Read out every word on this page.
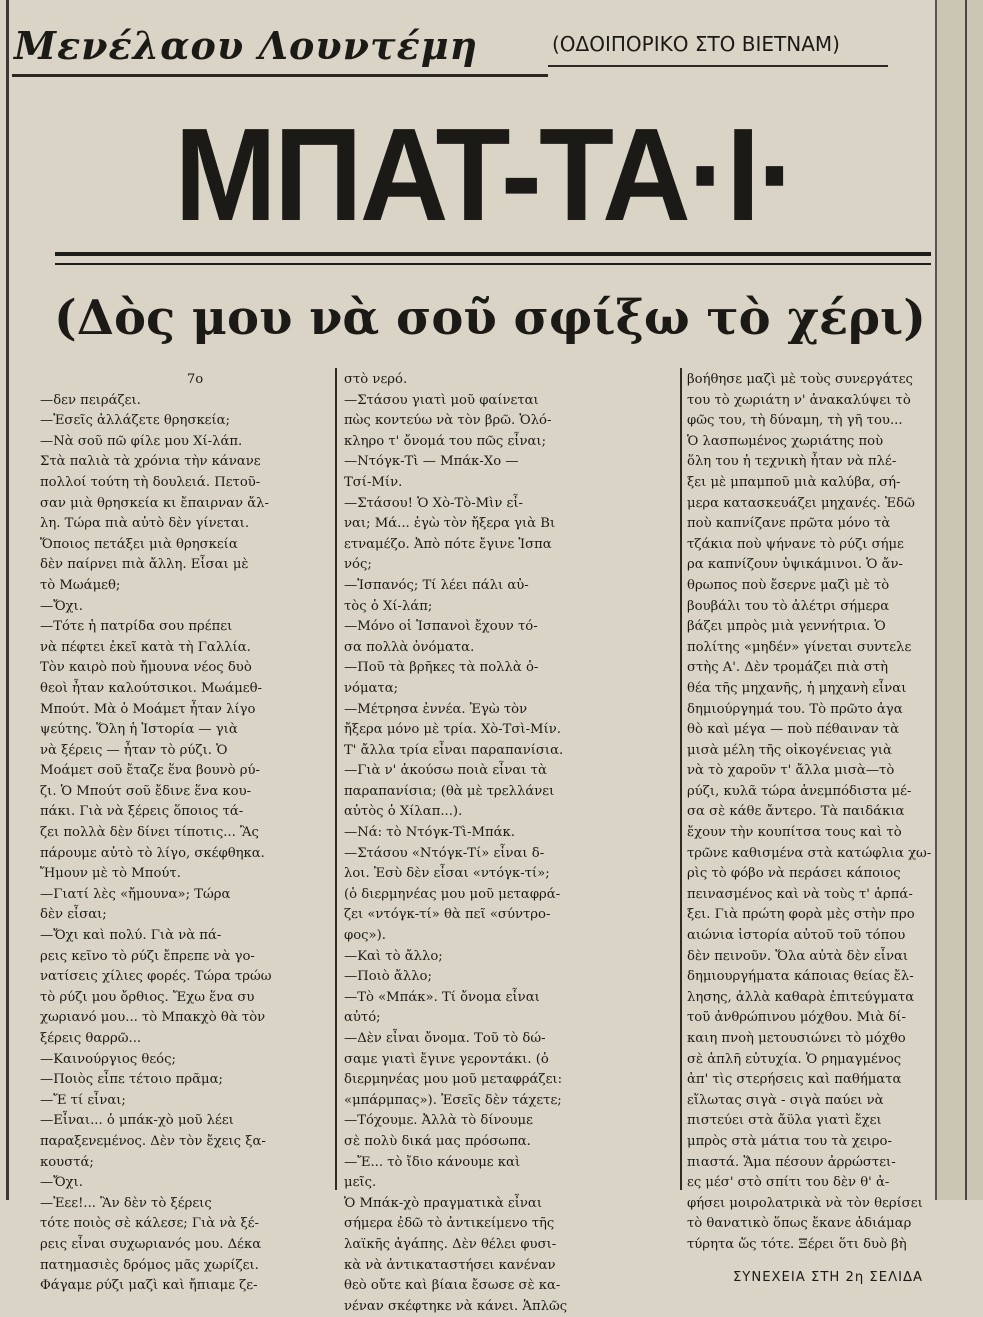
Μενέλαου Λουντέμη	(ΟΔΟΙΠΟΡΙΚΟ ΣΤΟ ΒΙΕΤΝΑΜ)
ΜΠΑΤ-ΤΑ·Ι·
(Δὸς μου νὰ σοῦ σφίξω τὸ χέρι)

7ο

—δεν πειράζει.

—Ἐσεῖς ἀλλάζετε θρησκεία;

—Νὰ σοῦ πῶ φίλε μου Χί-λάπ.

Στὰ παλιὰ τὰ χρόνια τὴν κάνανε

πολλοί τούτη τὴ δουλειά. Πετοῦ-

σαν μιὰ θρησκεία κι ἔπαιρναν ἄλ-

λη. Τώρα πιὰ αὐτὸ δὲν γίνεται.

Ὅποιος πετάξει μιὰ θρησκεία

δὲν παίρνει πιὰ ἄλλη. Εἶσαι μὲ

τὸ Μωάμεθ;

—Ὄχι.

—Τότε ἡ πατρίδα σου πρέπει

νὰ πέφτει ἐκεῖ κατὰ τὴ Γαλλία.

Τὸν καιρὸ ποὺ ἤμουνα νέος δυὸ

θεοὶ ἦταν καλούτσικοι. Μωάμεθ-

Μπούτ. Μὰ ὁ Μοάμετ ἦταν λίγο

ψεύτης. Ὅλη ἡ Ἱστορία — γιὰ

νὰ ξέρεις — ἦταν τὸ ρύζι. Ὁ

Μοάμετ σοῦ ἔταζε ἕνα βουνὸ ρύ-

ζι. Ὁ Μπούτ σοῦ ἔδινε ἕνα κου-

πάκι. Γιὰ νὰ ξέρεις ὅποιος τά-

ζει πολλὰ δὲν δίνει τίποτις... Ἂς

πάρουμε αὐτὸ τὸ λίγο, σκέφθηκα.

Ἤμουν μὲ τὸ Μπούτ.

—Γιατί λὲς «ἤμουνα»; Τώρα

δὲν εἶσαι;

—Ὄχι καὶ πολύ. Γιὰ νὰ πά-

ρεις κεῖνο τὸ ρύζι ἔπρεπε νὰ γο-

νατίσεις χίλιες φορές. Τώρα τρώω

τὸ ρύζι μου ὄρθιος. Ἔχω ἕνα συ

χωριανό μου... τὸ Μπακχὸ θὰ τὸν

ξέρεις θαρρῶ...

—Καινούργιος θεός;

—Ποιὸς εἶπε τέτοιο πρᾶμα;

—Ἔ τί εἶναι;

—Εἶναι... ὁ μπάκ-χὸ μοῦ λέει

παραξενεμένος. Δὲν τὸν ἔχεις ξα-

κουστά;

—Ὄχι.

—Ἐεε!... Ἂν δὲν τὸ ξέρεις

τότε ποιὸς σὲ κάλεσε; Γιὰ νὰ ξέ-

ρεις εἶναι συχωριανός μου. Δέκα

πατημασιὲς δρόμος μᾶς χωρίζει.

Φάγαμε ρύζι μαζὶ καὶ ἤπιαμε ζε-

στὸ νερό.

—Στάσου γιατὶ μοῦ φαίνεται

πὼς κοντεύω νὰ τὸν βρῶ. Ὁλό-

κληρο τ' ὄνομά του πῶς εἶναι;

—Ντόγκ-Τὶ — Μπάκ-Χο —

Τσί-Μίν.

—Στάσου! Ὁ Χὸ-Τὸ-Μὶν εἶ-

ναι; Μά... ἐγὼ τὸν ἤξερα γιὰ Βι

ετναμέζο. Ἀπὸ πότε ἔγινε Ἱσπα

νός;

—Ἱσπανός; Τί λέει πάλι αὐ-

τὸς ὁ Χί-λάπ;

—Μόνο οἱ Ἱσπανοὶ ἔχουν τό-

σα πολλὰ ὀνόματα.

—Ποῦ τὰ βρῆκες τὰ πολλὰ ὀ-

νόματα;

—Μέτρησα ἐννέα. Ἐγὼ τὸν

ἤξερα μόνο μὲ τρία. Χὸ-Τσὶ-Μίν.

Τ' ἄλλα τρία εἶναι παραπανίσια.

—Γιὰ ν' ἀκούσω ποιὰ εἶναι τὰ

παραπανίσια; (θὰ μὲ τρελλάνει

αὐτὸς ὁ Χίλαπ...).

—Νά: τὸ Ντόγκ-Τὶ-Μπάκ.

—Στάσου «Ντόγκ-Τί» εἶναι δ-

λοι. Ἐσὺ δὲν εἶσαι «ντόγκ-τί»;

(ὁ διερμηνέας μου μοῦ μεταφρά-

ζει «ντόγκ-τί» θὰ πεῖ «σύντρο-

φος»).

—Καὶ τὸ ἄλλο;

—Ποιὸ ἄλλο;

—Τὸ «Μπάκ». Τί ὄνομα εἶναι

αὐτό;

—Δὲν εἶναι ὄνομα. Τοῦ τὸ δώ-

σαμε γιατὶ ἔγινε γεροντάκι. (ὁ

διερμηνέας μου μοῦ μεταφράζει:

«μπάρμπας»). Ἐσεῖς δὲν τάχετε;

—Τόχουμε. Ἀλλὰ τὸ δίνουμε

σὲ πολὺ δικά μας πρόσωπα.

—Ἔ... τὸ ἴδιο κάνουμε καὶ

μεῖς.

Ὁ Μπάκ-χὸ πραγματικὰ εἶναι

σήμερα ἐδῶ τὸ ἀντικείμενο τῆς

λαϊκῆς ἀγάπης. Δὲν θέλει φυσι-

κὰ νὰ ἀντικαταστήσει κανέναν

θεὸ οὔτε καὶ βίαια ἔσωσε σὲ κα-

νέναν σκέφτηκε νὰ κάνει. Ἁπλῶς

βοήθησε μαζὶ μὲ τοὺς συνεργάτες

του τὸ χωριάτη ν' ἀνακαλύψει τὸ

φῶς του, τὴ δύναμη, τὴ γῆ του...

Ὁ λασπωμένος χωριάτης ποὺ

ὅλη του ἡ τεχνικὴ ἦταν νὰ πλέ-

ξει μὲ μπαμποῦ μιὰ καλύβα, σή-

μερα κατασκευάζει μηχανές. Ἐδῶ

ποὺ καπνίζανε πρῶτα μόνο τὰ

τζάκια ποὺ ψήνανε τὸ ρύζι σήμε

ρα καπνίζουν ὑψικάμινοι. Ὁ ἄν-

θρωπος ποὺ ἔσερνε μαζὶ μὲ τὸ

βουβάλι του τὸ ἀλέτρι σήμερα

βάζει μπρὸς μιὰ γεννήτρια. Ὁ

πολίτης «μηδέν» γίνεται συντελε

στὴς Α'. Δὲν τρομάζει πιὰ στὴ

θέα τῆς μηχανῆς, ἡ μηχανὴ εἶναι

δημιούργημά του. Τὸ πρῶτο ἀγα

θὸ καὶ μέγα — ποὺ πέθαιναν τὰ

μισὰ μέλη τῆς οἰκογένειας γιὰ

νὰ τὸ χαροῦν τ' ἄλλα μισὰ—τὸ

ρύζι, κυλᾶ τώρα ἀνεμπόδιστα μέ-

σα σὲ κάθε ἄντερο. Τὰ παιδάκια

ἔχουν τὴν κουπίτσα τους καὶ τὸ

τρῶνε καθισμένα στὰ κατώφλια χω-

ρὶς τὸ φόβο νὰ περάσει κάποιος

πεινασμένος καὶ νὰ τοὺς τ' ἁρπά-

ξει. Γιὰ πρώτη φορὰ μὲς στὴν προ

αιώνια ἱστορία αὐτοῦ τοῦ τόπου

δὲν πεινοῦν. Ὅλα αὐτὰ δὲν εἶναι

δημιουργήματα κάποιας θείας ἔλ-

λησης, ἀλλὰ καθαρὰ ἐπιτεύγματα

τοῦ ἀνθρώπινου μόχθου. Μιὰ δί-

καιη πνοὴ μετουσιώνει τὸ μόχθο

σὲ ἁπλῆ εὐτυχία. Ὁ ρημαγμένος

ἀπ' τὶς στερήσεις καὶ παθήματα

εἴλωτας σιγὰ - σιγὰ παύει νὰ

πιστεύει στὰ ἄϋλα γιατὶ ἔχει

μπρὸς στὰ μάτια του τὰ χειρο-

πιαστά. Ἅμα πέσουν ἀρρώστει-

ες μέσ' στὸ σπίτι του δὲν θ' ἀ-

φήσει μοιρολατρικὰ νὰ τὸν θερίσει

τὸ θανατικὸ ὅπως ἔκανε ἀδιάμαρ

τύρητα ὥς τότε. Ξέρει ὅτι δυὸ βὴ

ΣΥΝΕΧΕΙΑ ΣΤΗ 2η ΣΕΛΙΔΑ
